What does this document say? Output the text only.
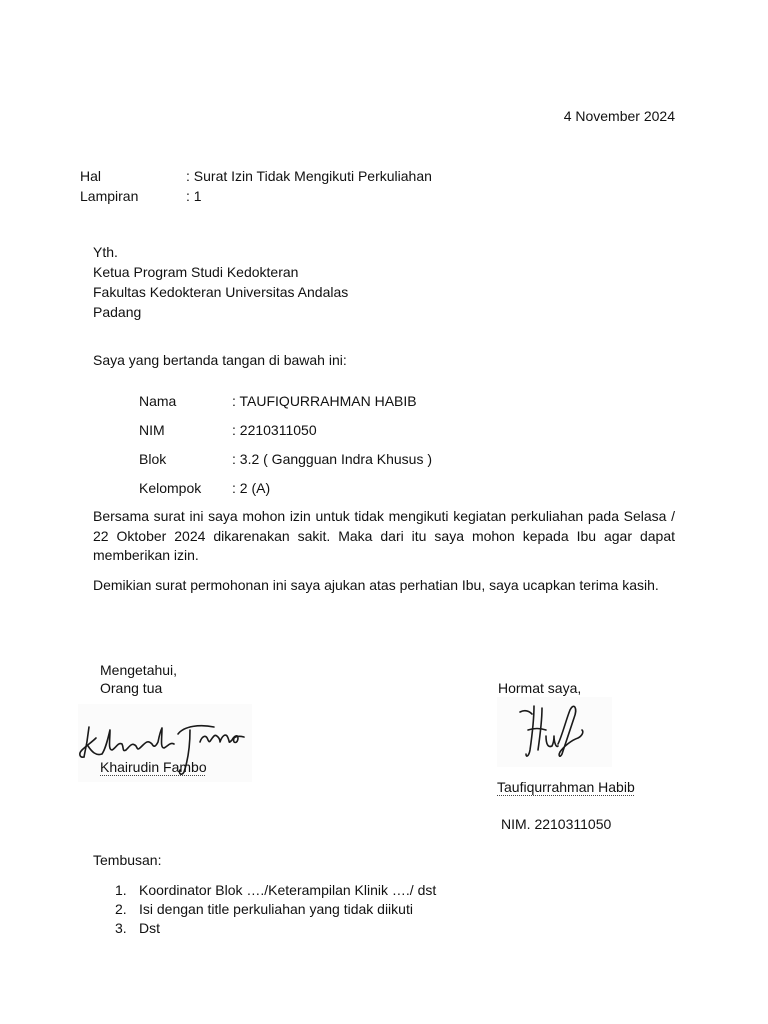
4 November 2024
Hal	: Surat Izin Tidak Mengikuti Perkuliahan
Lampiran	: 1
Yth.
Ketua Program Studi Kedokteran
Fakultas Kedokteran Universitas Andalas
Padang
Saya yang bertanda tangan di bawah ini:
Nama	: TAUFIQURRAHMAN HABIB
NIM	: 2210311050
Blok	: 3.2 ( Gangguan Indra Khusus )
Kelompok : 2 (A)
Bersama surat ini saya mohon izin untuk tidak mengikuti kegiatan perkuliahan pada Selasa / 22 Oktober 2024 dikarenakan sakit. Maka dari itu saya mohon kepada Ibu agar dapat memberikan izin.
Demikian surat permohonan ini saya ajukan atas perhatian Ibu, saya ucapkan terima kasih.
Mengetahui,
Orang tua
Khairudin Fambo
Hormat saya,
Taufiqurrahman Habib
NIM. 2210311050
Tembusan:
1. Koordinator Blok …./Keterampilan Klinik …./ dst
2. Isi dengan title perkuliahan yang tidak diikuti
3. Dst
